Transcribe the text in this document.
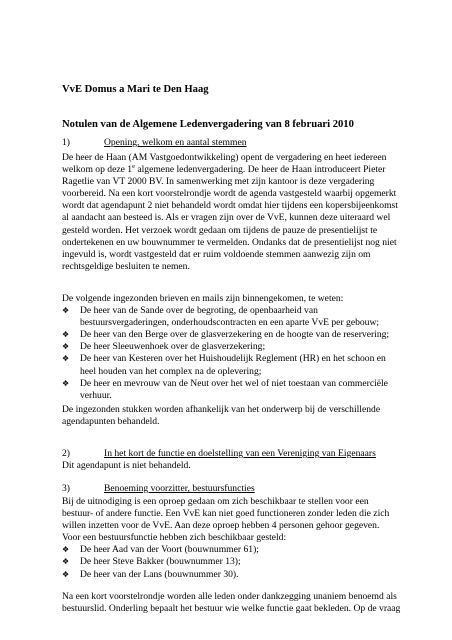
VvE Domus a Mari te Den Haag
Notulen van de Algemene Ledenvergadering van 8 februari 2010
1)	Opening, welkom en aantal stemmen

De heer de Haan (AM Vastgoedontwikkeling) opent de vergadering en heet iedereen welkom op deze 1e algemene ledenvergadering. De heer de Haan introduceert Pieter Ragetlie van VT 2000 BV. In samenwerking met zijn kantoor is deze vergadering voorbereid. Na een kort voorstelrondje wordt de agenda vastgesteld waarbij opgemerkt wordt dat agendapunt 2 niet behandeld wordt omdat hier tijdens een kopersbijeenkomst al aandacht aan besteed is. Als er vragen zijn over de VvE, kunnen deze uiteraard wel gesteld worden. Het verzoek wordt gedaan om tijdens de pauze de presentielijst te ondertekenen en uw bouwnummer te vermelden. Ondanks dat de presentielijst nog niet ingevuld is, wordt vastgesteld dat er ruim voldoende stemmen aanwezig zijn om rechtsgeldige besluiten te nemen.

De volgende ingezonden brieven en mails zijn binnengekomen, te weten:

❖ De heer van de Sande over de begroting, de openbaarheid van bestuursvergaderingen, onderhoudscontracten en een aparte VvE per gebouw;
❖ De heer van den Berge over de glasverzekering en de hoogte van de reservering;
❖ De heer Sleeuwenhoek over de glasverzekering;
❖ De heer van Kesteren over het Huishoudelijk Reglement (HR) en het schoon en heel houden van het complex na de oplevering;
❖ De heer en mevrouw van de Neut over het wel of niet toestaan van commerciële verhuur.

De ingezonden stukken worden afhankelijk van het onderwerp bij de verschillende agendapunten behandeld.

2)	In het kort de functie en doelstelling van een Vereniging van Eigenaars

Dit agendapunt is niet behandeld.

3)	Benoeming voorzitter, bestuursfuncties

Bij de uitnodiging is een oproep gedaan om zich beschikbaar te stellen voor een bestuur- of andere functie. Een VvE kan niet goed functioneren zonder leden die zich willen inzetten voor de VvE. Aan deze oproep hebben 4 personen gehoor gegeven.

Voor een bestuursfunctie hebben zich beschikbaar gesteld:

❖ De heer Aad van der Voort (bouwnummer 61);
❖ De heer Steve Bakker (bouwnummer 13);
❖ De heer van der Lans (bouwnummer 30).

Na een kort voorstelrondje worden alle leden onder dankzegging unaniem benoemd als bestuurslid. Onderling bepaalt het bestuur wie welke functie gaat bekleden. Op de vraag
